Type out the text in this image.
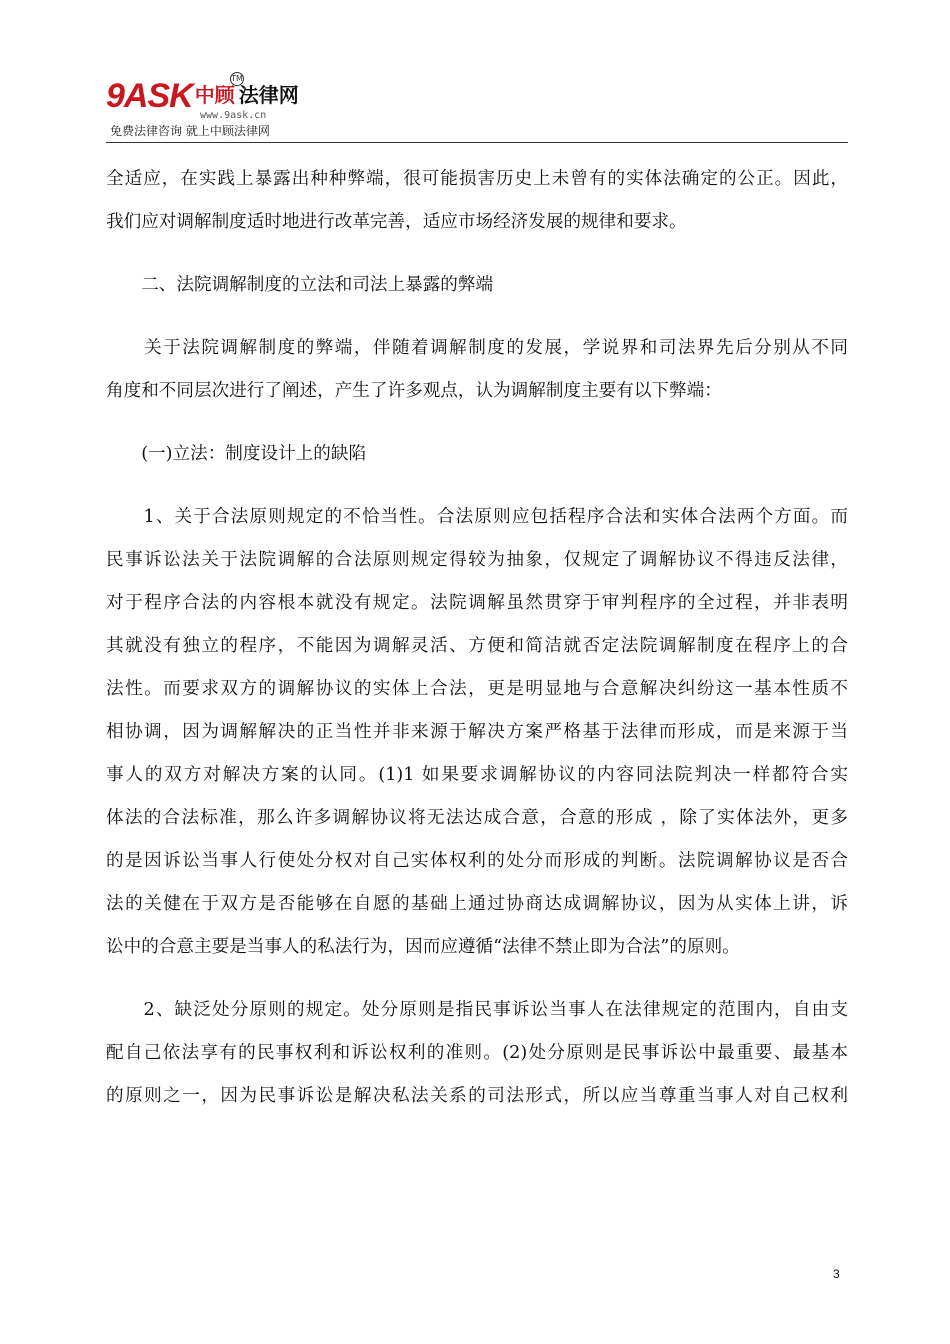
9ASK 中顾 法律网
TM
www.9ask.cn
免费法律咨询 就上中顾法律网
全适应，在实践上暴露出种种弊端，很可能损害历史上未曾有的实体法确定的公正。因此，
我们应对调解制度适时地进行改革完善，适应市场经济发展的规律和要求。
　　二、法院调解制度的立法和司法上暴露的弊端
　　关于法院调解制度的弊端，伴随着调解制度的发展，学说界和司法界先后分别从不同
角度和不同层次进行了阐述，产生了许多观点，认为调解制度主要有以下弊端：
　　(一)立法：制度设计上的缺陷
　　1、关于合法原则规定的不恰当性。合法原则应包括程序合法和实体合法两个方面。而
民事诉讼法关于法院调解的合法原则规定得较为抽象，仅规定了调解协议不得违反法律，
对于程序合法的内容根本就没有规定。法院调解虽然贯穿于审判程序的全过程，并非表明
其就没有独立的程序，不能因为调解灵活、方便和简洁就否定法院调解制度在程序上的合
法性。而要求双方的调解协议的实体上合法，更是明显地与合意解决纠纷这一基本性质不
相协调，因为调解解决的正当性并非来源于解决方案严格基于法律而形成，而是来源于当
事人的双方对解决方案的认同。(1)1 如果要求调解协议的内容同法院判决一样都符合实
体法的合法标准，那么许多调解协议将无法达成合意，合意的形成 ，除了实体法外，更多
的是因诉讼当事人行使处分权对自己实体权利的处分而形成的判断。法院调解协议是否合
法的关健在于双方是否能够在自愿的基础上通过协商达成调解协议，因为从实体上讲，诉
讼中的合意主要是当事人的私法行为，因而应遵循“法律不禁止即为合法”的原则。
　　2、缺泛处分原则的规定。处分原则是指民事诉讼当事人在法律规定的范围内，自由支
配自己依法享有的民事权利和诉讼权利的准则。(2)处分原则是民事诉讼中最重要、最基本
的原则之一，因为民事诉讼是解决私法关系的司法形式，所以应当尊重当事人对自己权利
3
